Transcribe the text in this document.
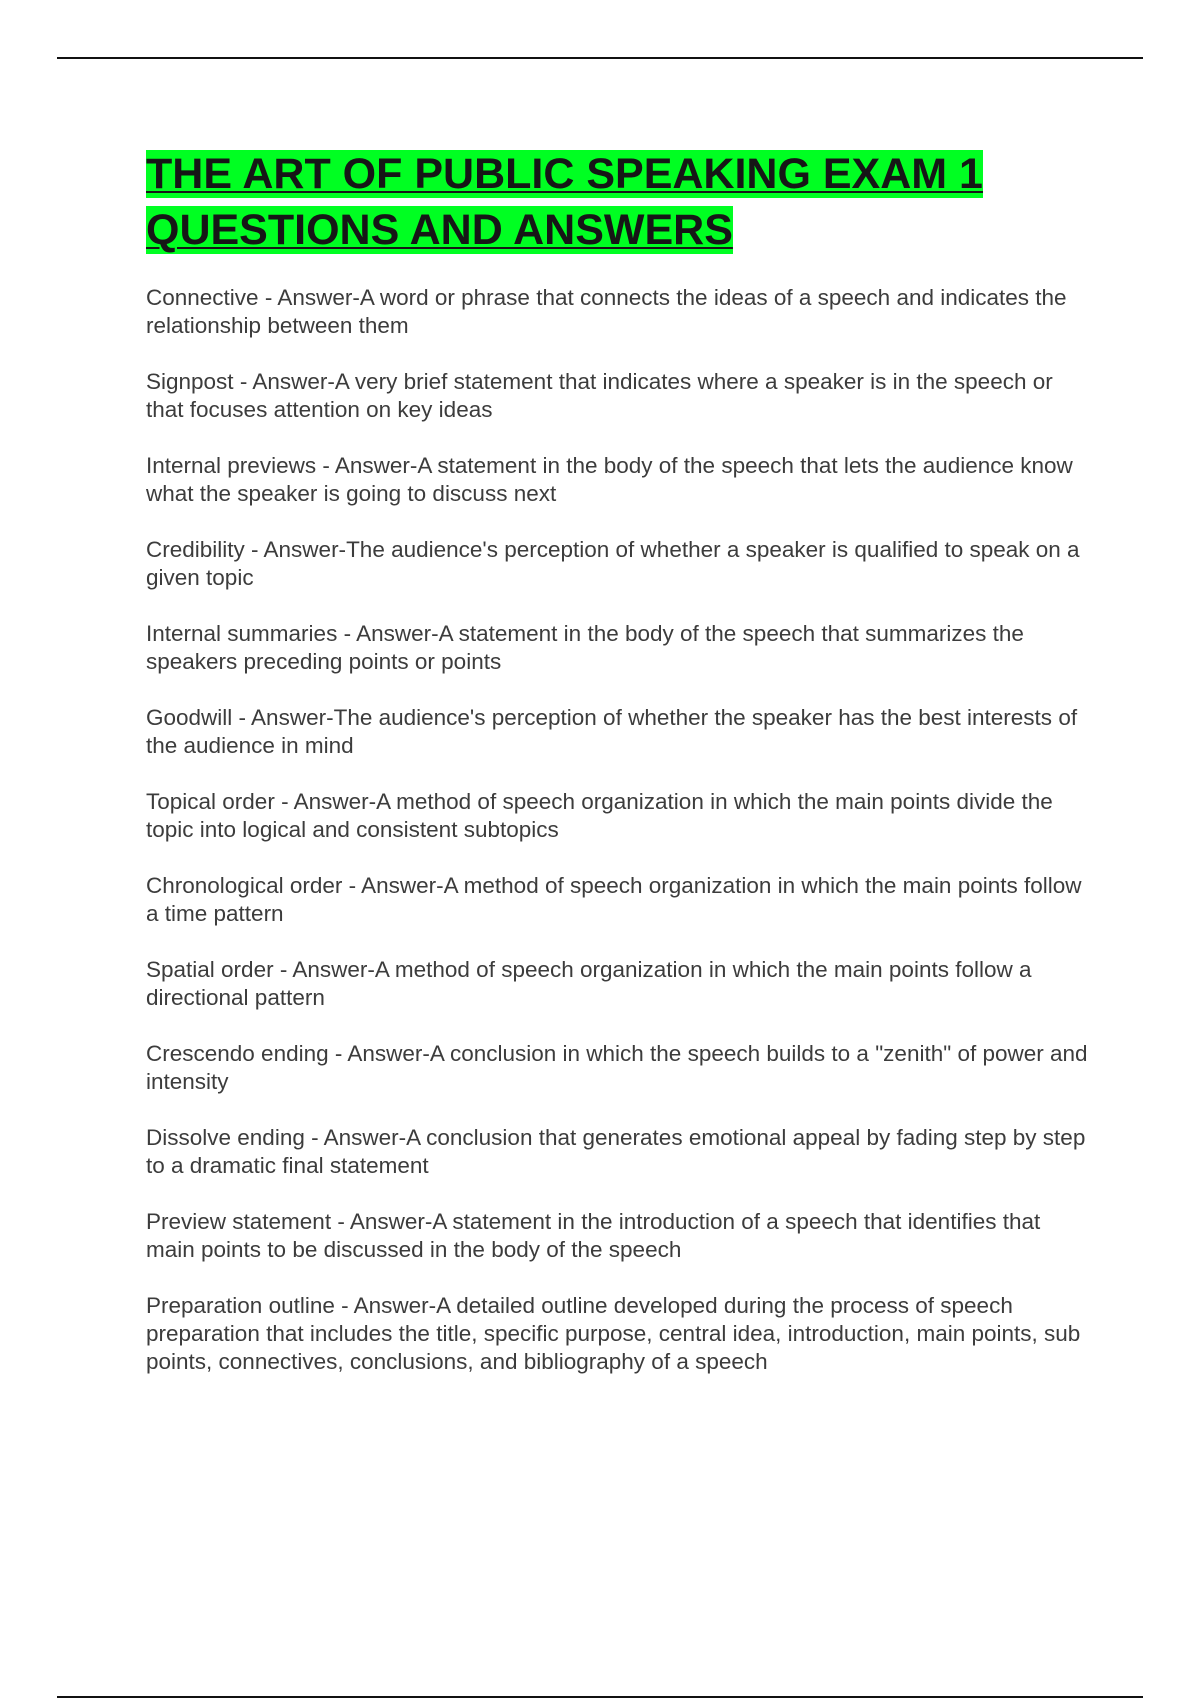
THE ART OF PUBLIC SPEAKING EXAM 1
QUESTIONS AND ANSWERS
Connective - Answer-A word or phrase that connects the ideas of a speech and indicates the relationship between them
Signpost - Answer-A very brief statement that indicates where a speaker is in the speech or that focuses attention on key ideas
Internal previews - Answer-A statement in the body of the speech that lets the audience know what the speaker is going to discuss next
Credibility - Answer-The audience's perception of whether a speaker is qualified to speak on a given topic
Internal summaries - Answer-A statement in the body of the speech that summarizes the speakers preceding points or points
Goodwill - Answer-The audience's perception of whether the speaker has the best interests of the audience in mind
Topical order - Answer-A method of speech organization in which the main points divide the topic into logical and consistent subtopics
Chronological order - Answer-A method of speech organization in which the main points follow a time pattern
Spatial order - Answer-A method of speech organization in which the main points follow a directional pattern
Crescendo ending - Answer-A conclusion in which the speech builds to a "zenith" of power and intensity
Dissolve ending - Answer-A conclusion that generates emotional appeal by fading step by step to a dramatic final statement
Preview statement - Answer-A statement in the introduction of a speech that identifies that main points to be discussed in the body of the speech
Preparation outline - Answer-A detailed outline developed during the process of speech preparation that includes the title, specific purpose, central idea, introduction, main points, sub points, connectives, conclusions, and bibliography of a speech
